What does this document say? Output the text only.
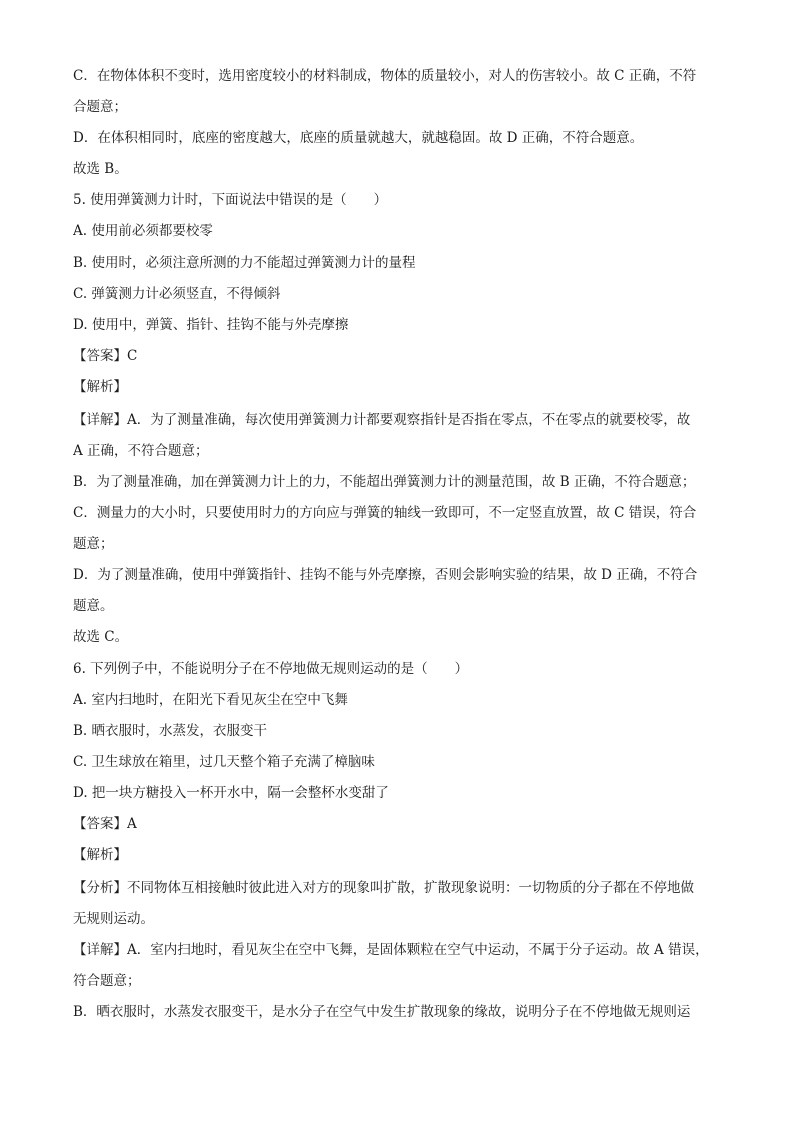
C．在物体体积不变时，选用密度较小的材料制成，物体的质量较小，对人的伤害较小。故 C 正确，不符
合题意；
D．在体积相同时，底座的密度越大，底座的质量就越大，就越稳固。故 D 正确，不符合题意。
故选 B。
5. 使用弹簧测力计时，下面说法中错误的是（　　）
A. 使用前必须都要校零
B. 使用时，必须注意所测的力不能超过弹簧测力计的量程
C. 弹簧测力计必须竖直，不得倾斜
D. 使用中，弹簧、指针、挂钩不能与外壳摩擦
【答案】C
【解析】
【详解】A．为了测量准确，每次使用弹簧测力计都要观察指针是否指在零点，不在零点的就要校零，故
A 正确，不符合题意；
B．为了测量准确，加在弹簧测力计上的力，不能超出弹簧测力计的测量范围，故 B 正确，不符合题意；
C．测量力的大小时，只要使用时力的方向应与弹簧的轴线一致即可，不一定竖直放置，故 C 错误，符合
题意；
D．为了测量准确，使用中弹簧指针、挂钩不能与外壳摩擦，否则会影响实验的结果，故 D 正确，不符合
题意。
故选 C。
6. 下列例子中，不能说明分子在不停地做无规则运动的是（　　）
A. 室内扫地时，在阳光下看见灰尘在空中飞舞
B. 晒衣服时，水蒸发，衣服变干
C. 卫生球放在箱里，过几天整个箱子充满了樟脑味
D. 把一块方糖投入一杯开水中，隔一会整杯水变甜了
【答案】A
【解析】
【分析】不同物体互相接触时彼此进入对方的现象叫扩散，扩散现象说明：一切物质的分子都在不停地做
无规则运动。
【详解】A．室内扫地时，看见灰尘在空中飞舞，是固体颗粒在空气中运动，不属于分子运动。故 A 错误，
符合题意；
B．晒衣服时，水蒸发衣服变干，是水分子在空气中发生扩散现象的缘故，说明分子在不停地做无规则运
